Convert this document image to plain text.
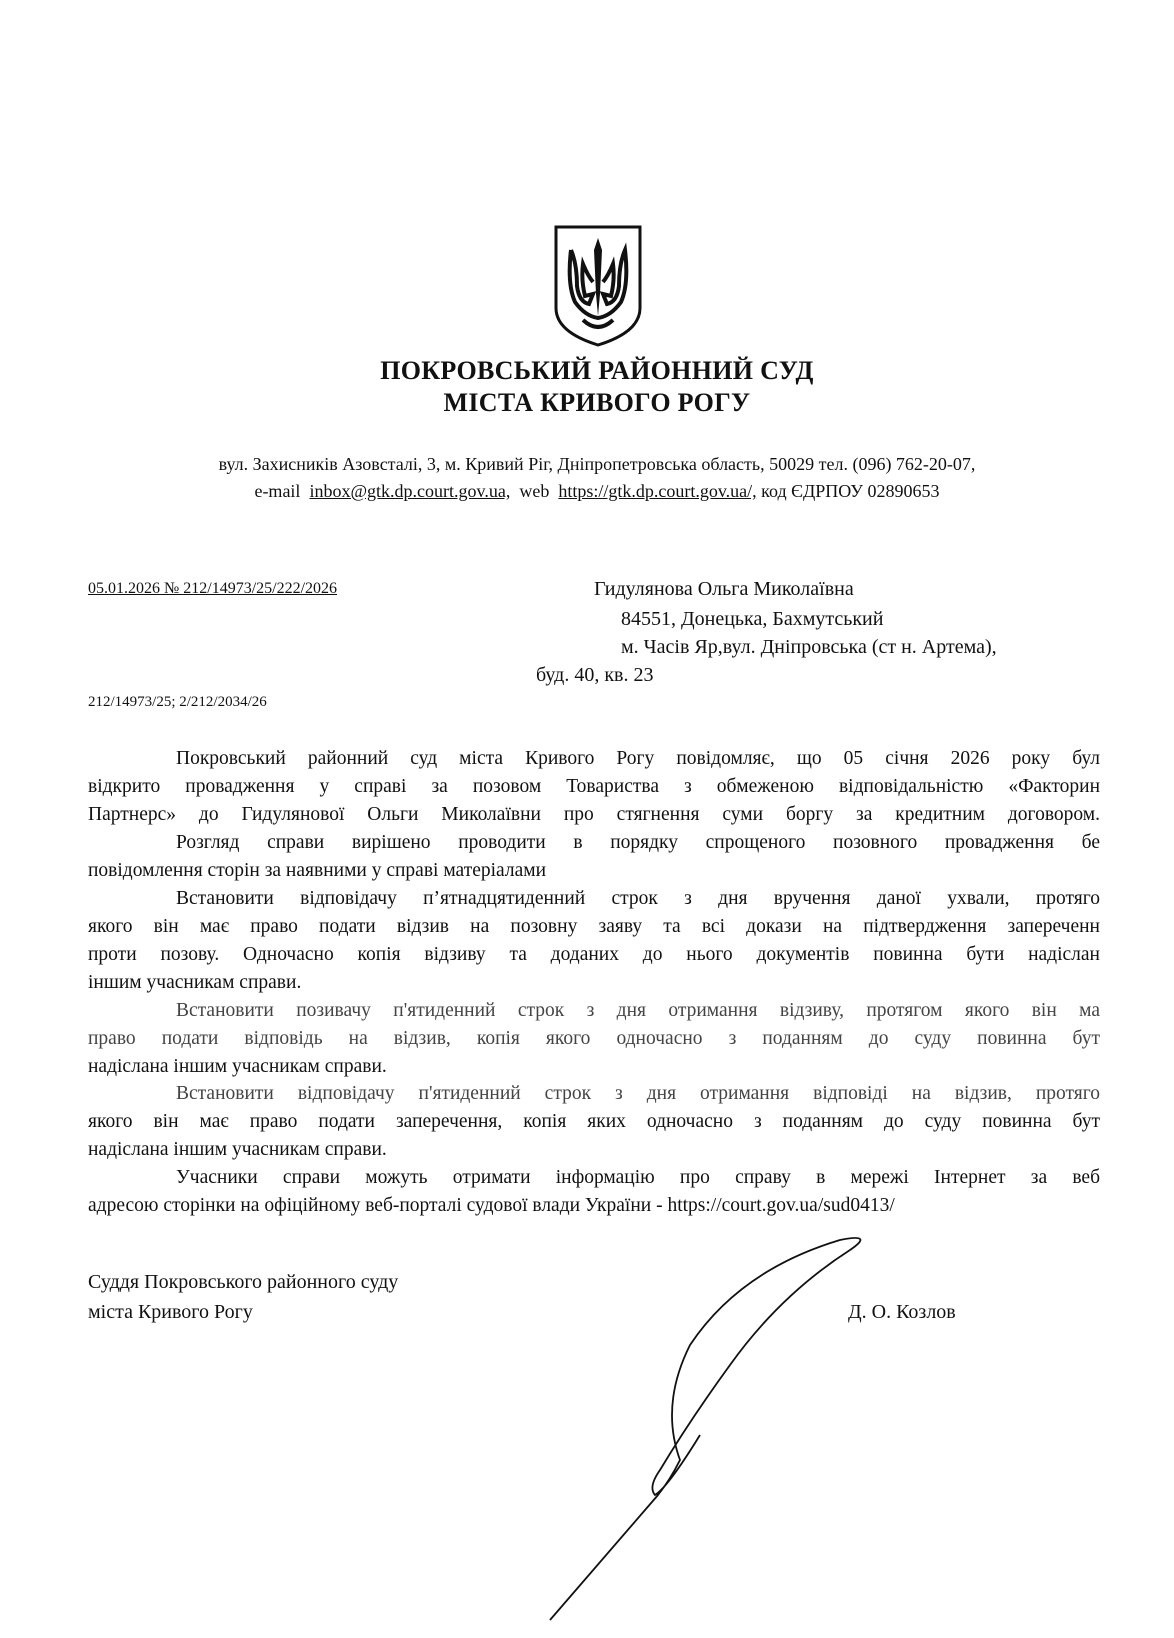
ПОКРОВСЬКИЙ РАЙОННИЙ СУД
МІСТА КРИВОГО РОГУ
вул. Захисників Азовсталі, 3, м. Кривий Ріг, Дніпропетровська область, 50029 тел. (096) 762-20-07,
e-mail inbox@gtk.dp.court.gov.ua, web https://gtk.dp.court.gov.ua/, код ЄДРПОУ 02890653
05.01.2026 № 212/14973/25/222/2026
212/14973/25; 2/212/2034/26
Гидулянова Ольга Миколаївна
84551, Донецька, Бахмутський
м. Часів Яр,вул. Дніпровська (ст н. Артема),
буд. 40, кв. 23
Покровський районний суд міста Кривого Рогу повідомляє, що 05 січня 2026 року бул
відкрито провадження у справі за позовом Товариства з обмеженою відповідальністю «Факторин
Партнерс» до Гидулянової Ольги Миколаївни про стягнення суми боргу за кредитним договором.
Розгляд справи вирішено проводити в порядку спрощеного позовного провадження бе
повідомлення сторін за наявними у справі матеріалами
Встановити відповідачу п’ятнадцятиденний строк з дня вручення даної ухвали, протяго
якого він має право подати відзив на позовну заяву та всі докази на підтвердження запереченн
проти позову. Одночасно копія відзиву та доданих до нього документів повинна бути надіслан
іншим учасникам справи.
Встановити позивачу п'ятиденний строк з дня отримання відзиву, протягом якого він ма
право подати відповідь на відзив, копія якого одночасно з поданням до суду повинна бут
надіслана іншим учасникам справи.
Встановити відповідачу п'ятиденний строк з дня отримання відповіді на відзив, протяго
якого він має право подати заперечення, копія яких одночасно з поданням до суду повинна бут
надіслана іншим учасникам справи.
Учасники справи можуть отримати інформацію про справу в мережі Інтернет за веб
адресою сторінки на офіційному веб-порталі судової влади України - https://court.gov.ua/sud0413/
Суддя Покровського районного суду
міста Кривого Рогу	Д. О. Козлов
